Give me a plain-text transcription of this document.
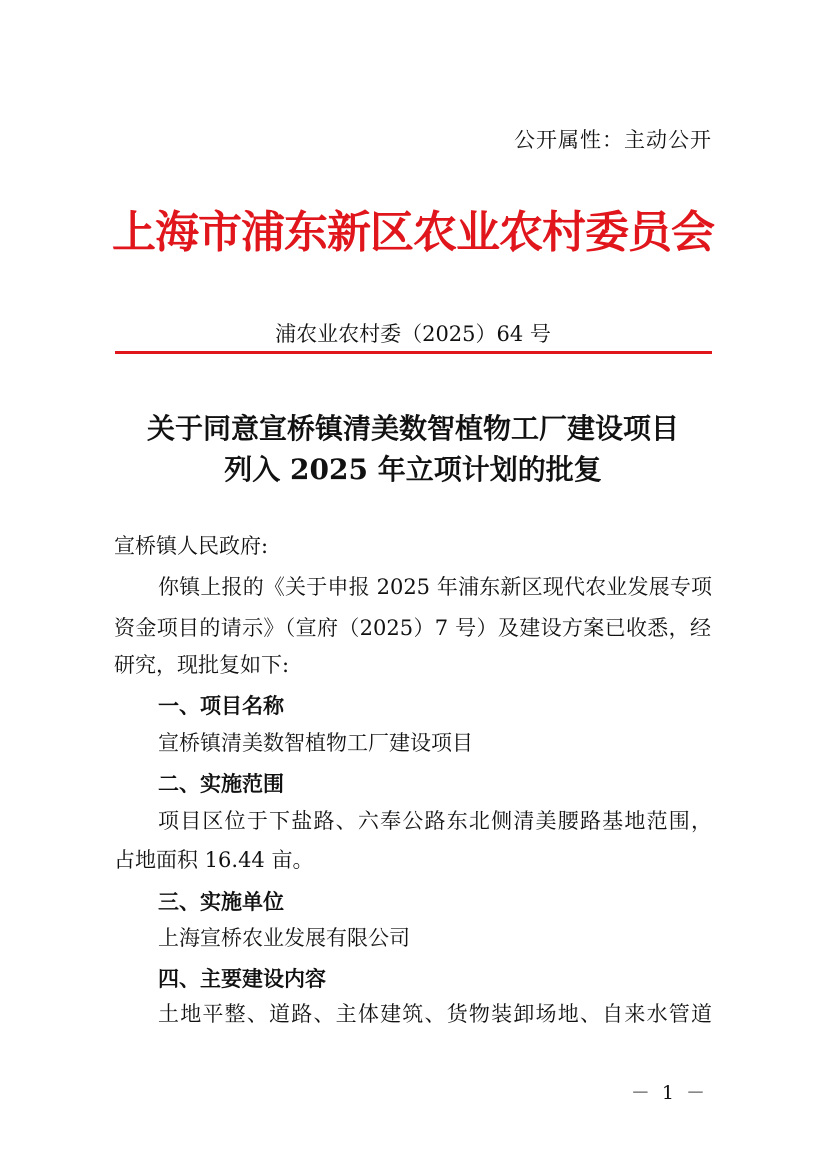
公开属性：主动公开
上海市浦东新区农业农村委员会
浦农业农村委（2025）64 号
关于同意宣桥镇清美数智植物工厂建设项目
列入 2025 年立项计划的批复
宣桥镇人民政府:
你镇上报的《关于申报 2025 年浦东新区现代农业发展专项
资金项目的请示》（宣府（2025）7 号）及建设方案已收悉，经
研究，现批复如下:
一、项目名称
宣桥镇清美数智植物工厂建设项目
二、实施范围
项目区位于下盐路、六奉公路东北侧清美腰路基地范围，
占地面积 16.44 亩。
三、实施单位
上海宣桥农业发展有限公司
四、主要建设内容
土地平整、道路、主体建筑、货物装卸场地、自来水管道
－ 1 －
